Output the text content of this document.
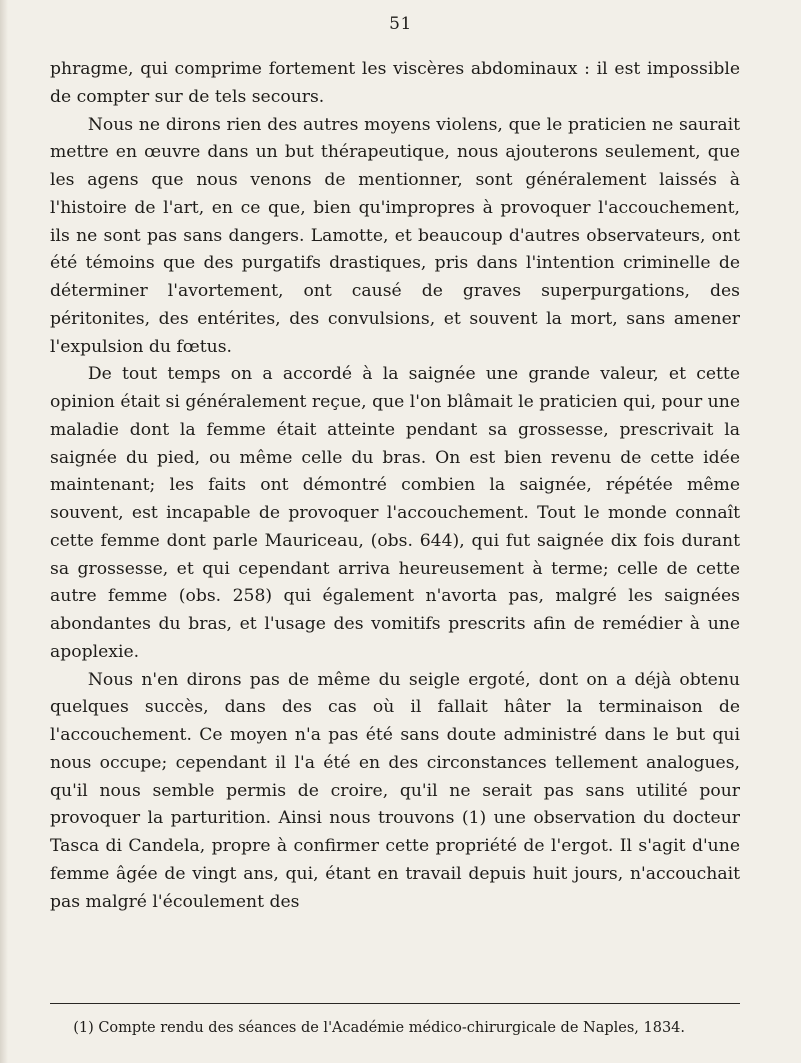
51

phragme, qui comprime fortement les viscères abdominaux : il est impossible de compter sur de tels secours.

Nous ne dirons rien des autres moyens violens, que le praticien ne saurait mettre en œuvre dans un but thérapeutique, nous ajouterons seulement, que les agens que nous venons de mentionner, sont généralement laissés à l'histoire de l'art, en ce que, bien qu'impropres à provoquer l'accouchement, ils ne sont pas sans dangers. Lamotte, et beaucoup d'autres observateurs, ont été témoins que des purgatifs drastiques, pris dans l'intention criminelle de déterminer l'avortement, ont causé de graves superpurgations, des péritonites, des entérites, des convulsions, et souvent la mort, sans amener l'expulsion du fœtus.

De tout temps on a accordé à la saignée une grande valeur, et cette opinion était si généralement reçue, que l'on blâmait le praticien qui, pour une maladie dont la femme était atteinte pendant sa grossesse, prescrivait la saignée du pied, ou même celle du bras. On est bien revenu de cette idée maintenant; les faits ont démontré combien la saignée, répétée même souvent, est incapable de provoquer l'accouchement. Tout le monde connaît cette femme dont parle Mauriceau, (obs. 644), qui fut saignée dix fois durant sa grossesse, et qui cependant arriva heureusement à terme; celle de cette autre femme (obs. 258) qui également n'avorta pas, malgré les saignées abondantes du bras, et l'usage des vomitifs prescrits afin de remédier à une apoplexie.

Nous n'en dirons pas de même du seigle ergoté, dont on a déjà obtenu quelques succès, dans des cas où il fallait hâter la terminaison de l'accouchement. Ce moyen n'a pas été sans doute administré dans le but qui nous occupe; cependant il l'a été en des circonstances tellement analogues, qu'il nous semble permis de croire, qu'il ne serait pas sans utilité pour provoquer la parturition. Ainsi nous trouvons (1) une observation du docteur Tasca di Candela, propre à confirmer cette propriété de l'ergot. Il s'agit d'une femme âgée de vingt ans, qui, étant en travail depuis huit jours, n'accouchait pas malgré l'écoulement des

(1) Compte rendu des séances de l'Académie médico-chirurgicale de Naples, 1834.
